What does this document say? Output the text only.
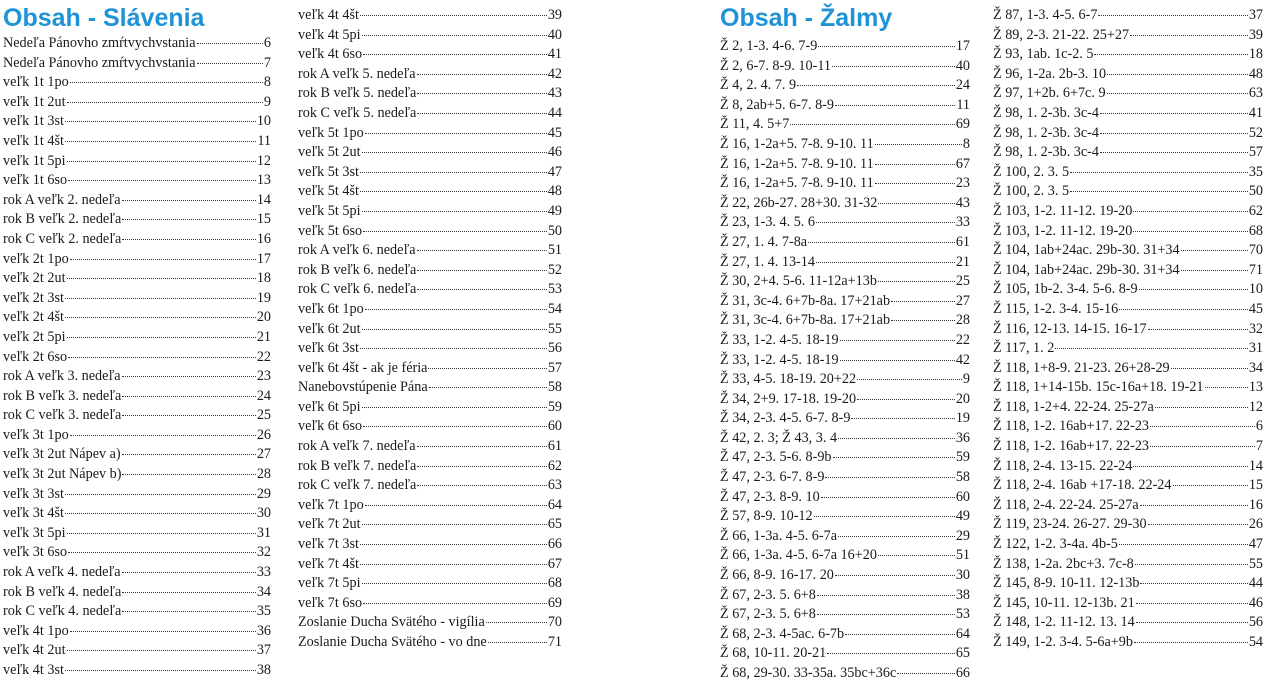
Obsah - Slávenia
Nedeľa Pánovho zmŕtvychvstania	6
Nedeľa Pánovho zmŕtvychvstania	7
veľk 1t 1po	8
veľk 1t 2ut	9
veľk 1t 3st	10
veľk 1t 4št	11
veľk 1t 5pi	12
veľk 1t 6so	13
rok A veľk 2. nedeľa	14
rok B veľk 2. nedeľa	15
rok C veľk 2. nedeľa	16
veľk 2t 1po	17
veľk 2t 2ut	18
veľk 2t 3st	19
veľk 2t 4št	20
veľk 2t 5pi	21
veľk 2t 6so	22
rok A veľk 3. nedeľa	23
rok B veľk 3. nedeľa	24
rok C veľk 3. nedeľa	25
veľk 3t 1po	26
veľk 3t 2ut Nápev a)	27
veľk 3t 2ut Nápev b)	28
veľk 3t 3st	29
veľk 3t 4št	30
veľk 3t 5pi	31
veľk 3t 6so	32
rok A veľk 4. nedeľa	33
rok B veľk 4. nedeľa	34
rok C veľk 4. nedeľa	35
veľk 4t 1po	36
veľk 4t 2ut	37
veľk 4t 3st	38
veľk 4t 4št	39
veľk 4t 5pi	40
veľk 4t 6so	41
rok A veľk 5. nedeľa	42
rok B veľk 5. nedeľa	43
rok C veľk 5. nedeľa	44
veľk 5t 1po	45
veľk 5t 2ut	46
veľk 5t 3st	47
veľk 5t 4št	48
veľk 5t 5pi	49
veľk 5t 6so	50
rok A veľk 6. nedeľa	51
rok B veľk 6. nedeľa	52
rok C veľk 6. nedeľa	53
veľk 6t 1po	54
veľk 6t 2ut	55
veľk 6t 3st	56
veľk 6t 4št - ak je féria	57
Nanebovstúpenie Pána	58
veľk 6t 5pi	59
veľk 6t 6so	60
rok A veľk 7. nedeľa	61
rok B veľk 7. nedeľa	62
rok C veľk 7. nedeľa	63
veľk 7t 1po	64
veľk 7t 2ut	65
veľk 7t 3st	66
veľk 7t 4št	67
veľk 7t 5pi	68
veľk 7t 6so	69
Zoslanie Ducha Svätého - vigília	70
Zoslanie Ducha Svätého - vo dne	71
Obsah - Žalmy
Ž 2, 1-3. 4-6. 7-9	17
Ž 2, 6-7. 8-9. 10-11	40
Ž 4, 2. 4. 7. 9	24
Ž 8, 2ab+5. 6-7. 8-9	11
Ž 11, 4. 5+7	69
Ž 16, 1-2a+5. 7-8. 9-10. 11	8
Ž 16, 1-2a+5. 7-8. 9-10. 11	67
Ž 16, 1-2a+5. 7-8. 9-10. 11	23
Ž 22, 26b-27. 28+30. 31-32	43
Ž 23, 1-3. 4. 5. 6	33
Ž 27, 1. 4. 7-8a	61
Ž 27, 1. 4. 13-14	21
Ž 30, 2+4. 5-6. 11-12a+13b	25
Ž 31, 3c-4. 6+7b-8a. 17+21ab	27
Ž 31, 3c-4. 6+7b-8a. 17+21ab	28
Ž 33, 1-2. 4-5. 18-19	22
Ž 33, 1-2. 4-5. 18-19	42
Ž 33, 4-5. 18-19. 20+22	9
Ž 34, 2+9. 17-18. 19-20	20
Ž 34, 2-3. 4-5. 6-7. 8-9	19
Ž 42, 2. 3; Ž 43, 3. 4	36
Ž 47, 2-3. 5-6. 8-9b	59
Ž 47, 2-3. 6-7. 8-9	58
Ž 47, 2-3. 8-9. 10	60
Ž 57, 8-9. 10-12	49
Ž 66, 1-3a. 4-5. 6-7a	29
Ž 66, 1-3a. 4-5. 6-7a 16+20	51
Ž 66, 8-9. 16-17. 20	30
Ž 67, 2-3. 5. 6+8	38
Ž 67, 2-3. 5. 6+8	53
Ž 68, 2-3. 4-5ac. 6-7b	64
Ž 68, 10-11. 20-21	65
Ž 68, 29-30. 33-35a. 35bc+36c	66
Ž 87, 1-3. 4-5. 6-7	37
Ž 89, 2-3. 21-22. 25+27	39
Ž 93, 1ab. 1c-2. 5	18
Ž 96, 1-2a. 2b-3. 10	48
Ž 97, 1+2b. 6+7c. 9	63
Ž 98, 1. 2-3b. 3c-4	41
Ž 98, 1. 2-3b. 3c-4	52
Ž 98, 1. 2-3b. 3c-4	57
Ž 100, 2. 3. 5	35
Ž 100, 2. 3. 5	50
Ž 103, 1-2. 11-12. 19-20	62
Ž 103, 1-2. 11-12. 19-20	68
Ž 104, 1ab+24ac. 29b-30. 31+34	70
Ž 104, 1ab+24ac. 29b-30. 31+34	71
Ž 105, 1b-2. 3-4. 5-6. 8-9	10
Ž 115, 1-2. 3-4. 15-16	45
Ž 116, 12-13. 14-15. 16-17	32
Ž 117, 1. 2	31
Ž 118, 1+8-9. 21-23. 26+28-29	34
Ž 118, 1+14-15b. 15c-16a+18. 19-21	13
Ž 118, 1-2+4. 22-24. 25-27a	12
Ž 118, 1-2. 16ab+17. 22-23	6
Ž 118, 1-2. 16ab+17. 22-23	7
Ž 118, 2-4. 13-15. 22-24	14
Ž 118, 2-4. 16ab +17-18. 22-24	15
Ž 118, 2-4. 22-24. 25-27a	16
Ž 119, 23-24. 26-27. 29-30	26
Ž 122, 1-2. 3-4a. 4b-5	47
Ž 138, 1-2a. 2bc+3. 7c-8	55
Ž 145, 8-9. 10-11. 12-13b	44
Ž 145, 10-11. 12-13b. 21	46
Ž 148, 1-2. 11-12. 13. 14	56
Ž 149, 1-2. 3-4. 5-6a+9b	54
